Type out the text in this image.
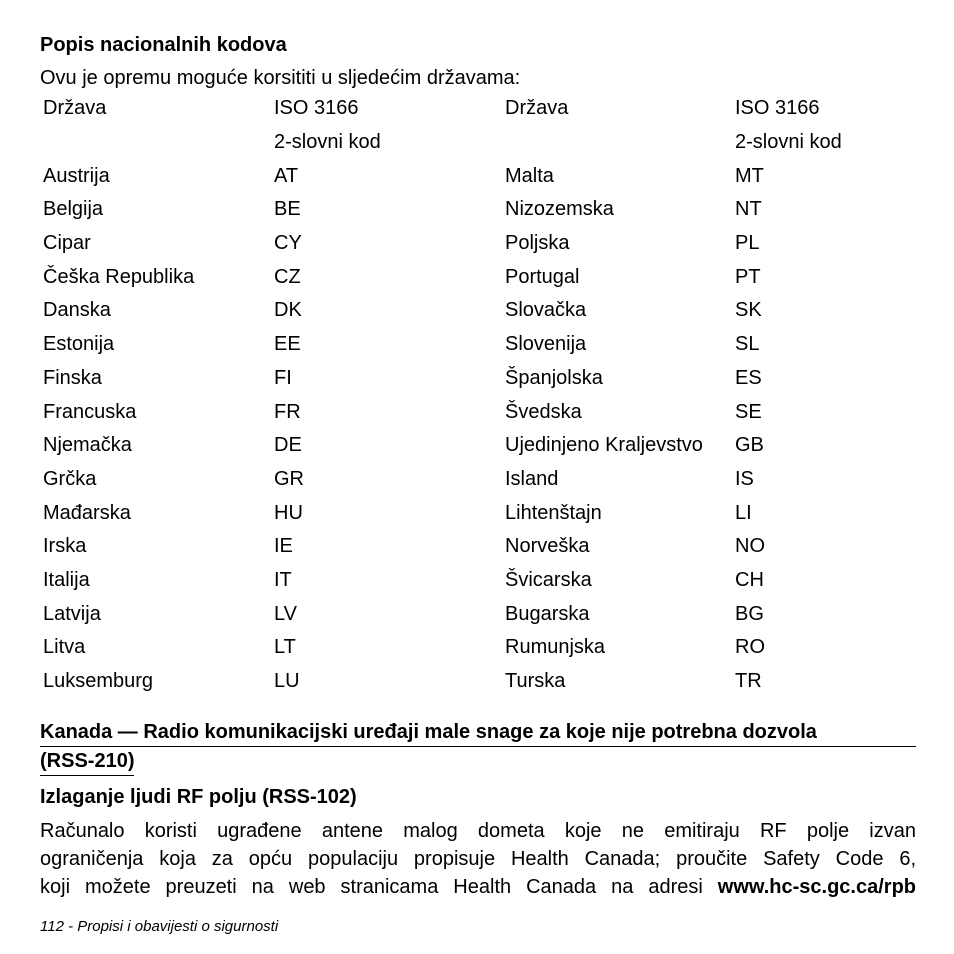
Popis nacionalnih kodova
Ovu je opremu moguće korsititi u sljedećim državama:
Država	ISO 3166	Država	ISO 3166
	2-slovni kod		2-slovni kod
Austrija	AT	Malta	MT
Belgija	BE	Nizozemska	NT
Cipar	CY	Poljska	PL
Češka Republika	CZ	Portugal	PT
Danska	DK	Slovačka	SK
Estonija	EE	Slovenija	SL
Finska	FI	Španjolska	ES
Francuska	FR	Švedska	SE
Njemačka	DE	Ujedinjeno Kraljevstvo	GB
Grčka	GR	Island	IS
Mađarska	HU	Lihtenštajn	LI
Irska	IE	Norveška	NO
Italija	IT	Švicarska	CH
Latvija	LV	Bugarska	BG
Litva	LT	Rumunjska	RO
Luksemburg	LU	Turska	TR
Kanada — Radio komunikacijski uređaji male snage za koje nije potrebna dozvola
(RSS-210)
Izlaganje ljudi RF polju (RSS-102)
Računalo koristi ugrađene antene malog dometa koje ne emitiraju RF polje izvan
ograničenja koja za opću populaciju propisuje Health Canada; proučite Safety Code 6,
koji možete preuzeti na web stranicama Health Canada na adresi www.hc-sc.gc.ca/rpb
112 - Propisi i obavijesti o sigurnosti
